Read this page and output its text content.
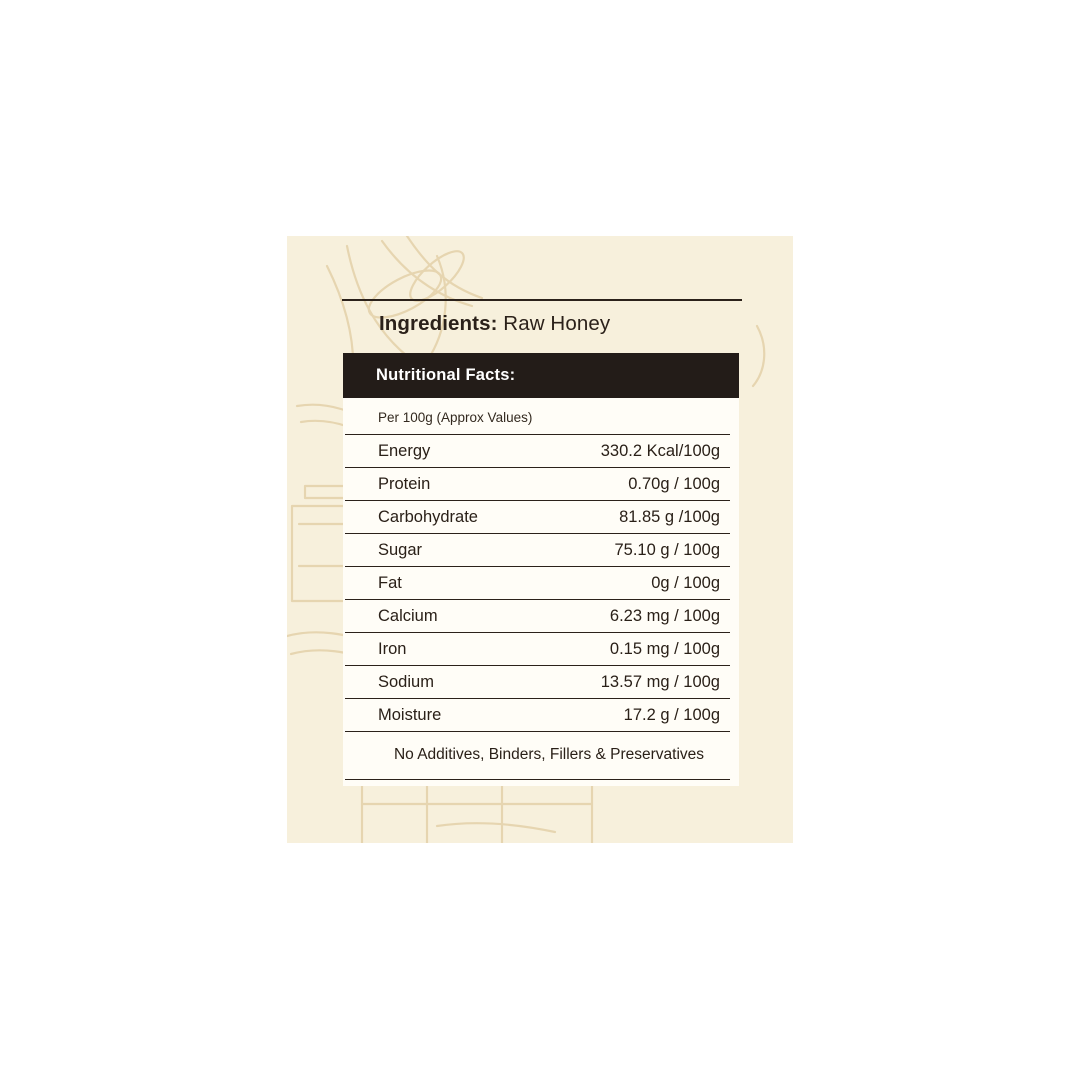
Ingredients: Raw Honey
Nutritional Facts:
Per 100g (Approx Values)
Energy	330.2 Kcal/100g
Protein	0.70g / 100g
Carbohydrate	81.85 g /100g
Sugar	75.10 g / 100g
Fat	0g / 100g
Calcium	6.23 mg / 100g
Iron	0.15 mg / 100g
Sodium	13.57 mg / 100g
Moisture	17.2 g / 100g
No Additives, Binders, Fillers & Preservatives
